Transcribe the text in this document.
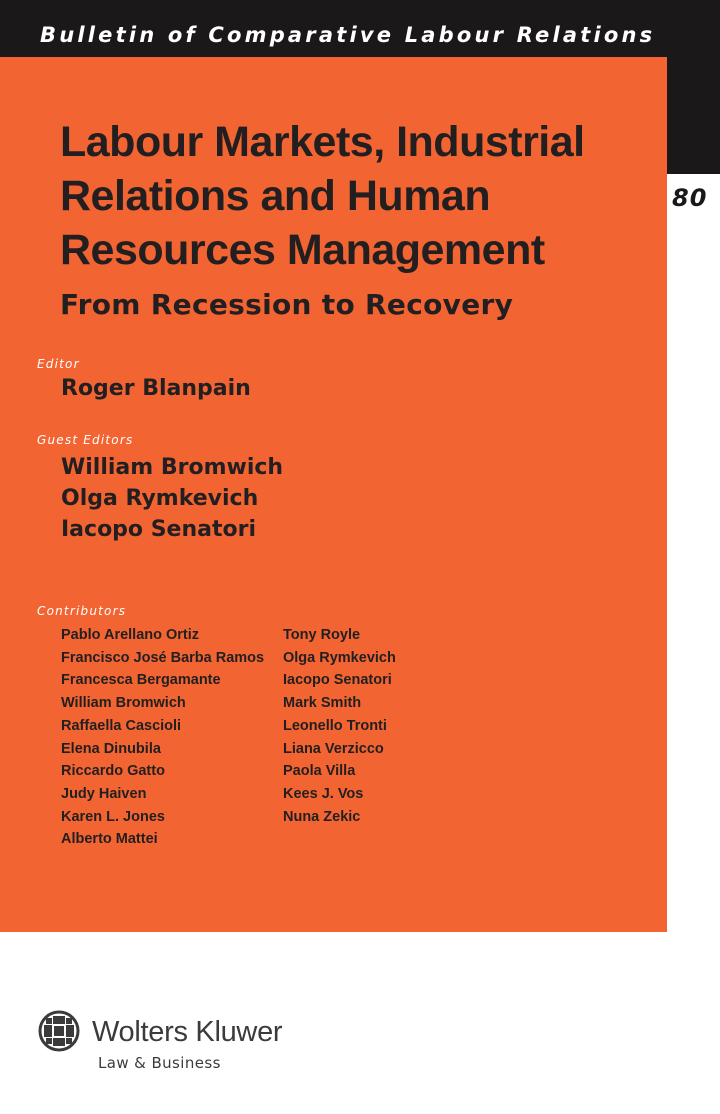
Bulletin of Comparative Labour Relations
80
Labour Markets, Industrial
Relations and Human
Resources Management
From Recession to Recovery
Editor
Roger Blanpain
Guest Editors
William Bromwich
Olga Rymkevich
Iacopo Senatori
Contributors
Pablo Arellano Ortiz
Francisco José Barba Ramos
Francesca Bergamante
William Bromwich
Raffaella Cascioli
Elena Dinubila
Riccardo Gatto
Judy Haiven
Karen L. Jones
Alberto Mattei
Tony Royle
Olga Rymkevich
Iacopo Senatori
Mark Smith
Leonello Tronti
Liana Verzicco
Paola Villa
Kees J. Vos
Nuna Zekic
Wolters Kluwer
Law & Business
